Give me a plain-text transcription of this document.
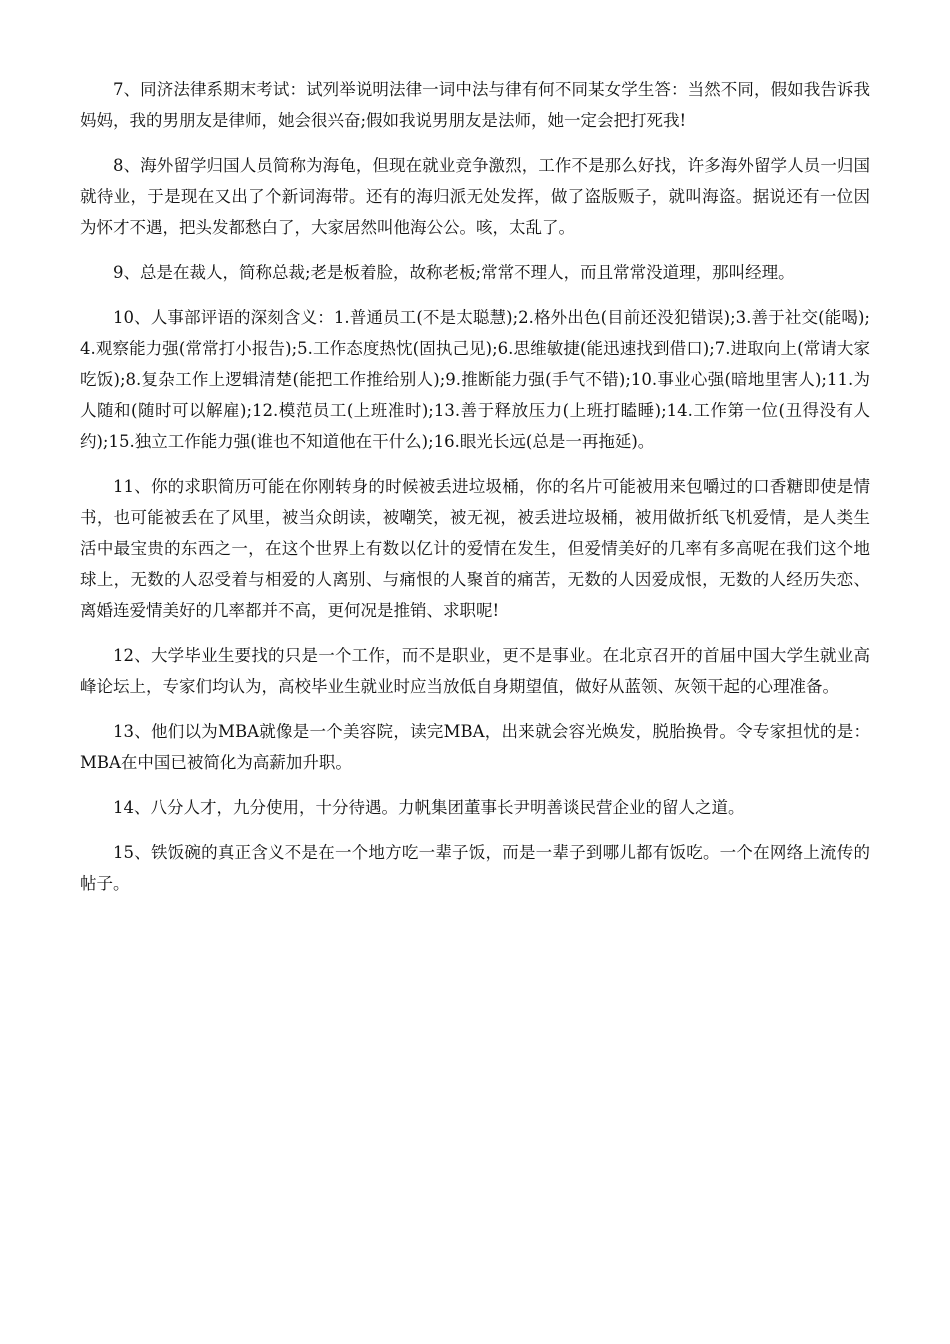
7、同济法律系期末考试：试列举说明法律一词中法与律有何不同某女学生答：当然不同，假如我告诉我妈妈，我的男朋友是律师，她会很兴奋;假如我说男朋友是法师，她一定会把打死我!

8、海外留学归国人员简称为海龟，但现在就业竞争激烈，工作不是那么好找，许多海外留学人员一归国就待业，于是现在又出了个新词海带。还有的海归派无处发挥，做了盗版贩子，就叫海盗。据说还有一位因为怀才不遇，把头发都愁白了，大家居然叫他海公公。咳，太乱了。

9、总是在裁人，简称总裁;老是板着脸，故称老板;常常不理人，而且常常没道理，那叫经理。

10、人事部评语的深刻含义：1.普通员工(不是太聪慧);2.格外出色(目前还没犯错误);3.善于社交(能喝);4.观察能力强(常常打小报告);5.工作态度热忱(固执己见);6.思维敏捷(能迅速找到借口);7.进取向上(常请大家吃饭);8.复杂工作上逻辑清楚(能把工作推给别人);9.推断能力强(手气不错);10.事业心强(暗地里害人);11.为人随和(随时可以解雇);12.模范员工(上班准时);13.善于释放压力(上班打瞌睡);14.工作第一位(丑得没有人约);15.独立工作能力强(谁也不知道他在干什么);16.眼光长远(总是一再拖延)。

11、你的求职简历可能在你刚转身的时候被丢进垃圾桶，你的名片可能被用来包嚼过的口香糖即使是情书，也可能被丢在了风里，被当众朗读，被嘲笑，被无视，被丢进垃圾桶，被用做折纸飞机爱情，是人类生活中最宝贵的东西之一，在这个世界上有数以亿计的爱情在发生，但爱情美好的几率有多高呢在我们这个地球上，无数的人忍受着与相爱的人离别、与痛恨的人聚首的痛苦，无数的人因爱成恨，无数的人经历失恋、离婚连爱情美好的几率都并不高，更何况是推销、求职呢!

12、大学毕业生要找的只是一个工作，而不是职业，更不是事业。在北京召开的首届中国大学生就业高峰论坛上，专家们均认为，高校毕业生就业时应当放低自身期望值，做好从蓝领、灰领干起的心理准备。

13、他们以为MBA就像是一个美容院，读完MBA，出来就会容光焕发，脱胎换骨。令专家担忧的是：MBA在中国已被简化为高薪加升职。

14、八分人才，九分使用，十分待遇。力帆集团董事长尹明善谈民营企业的留人之道。

15、铁饭碗的真正含义不是在一个地方吃一辈子饭，而是一辈子到哪儿都有饭吃。一个在网络上流传的帖子。
